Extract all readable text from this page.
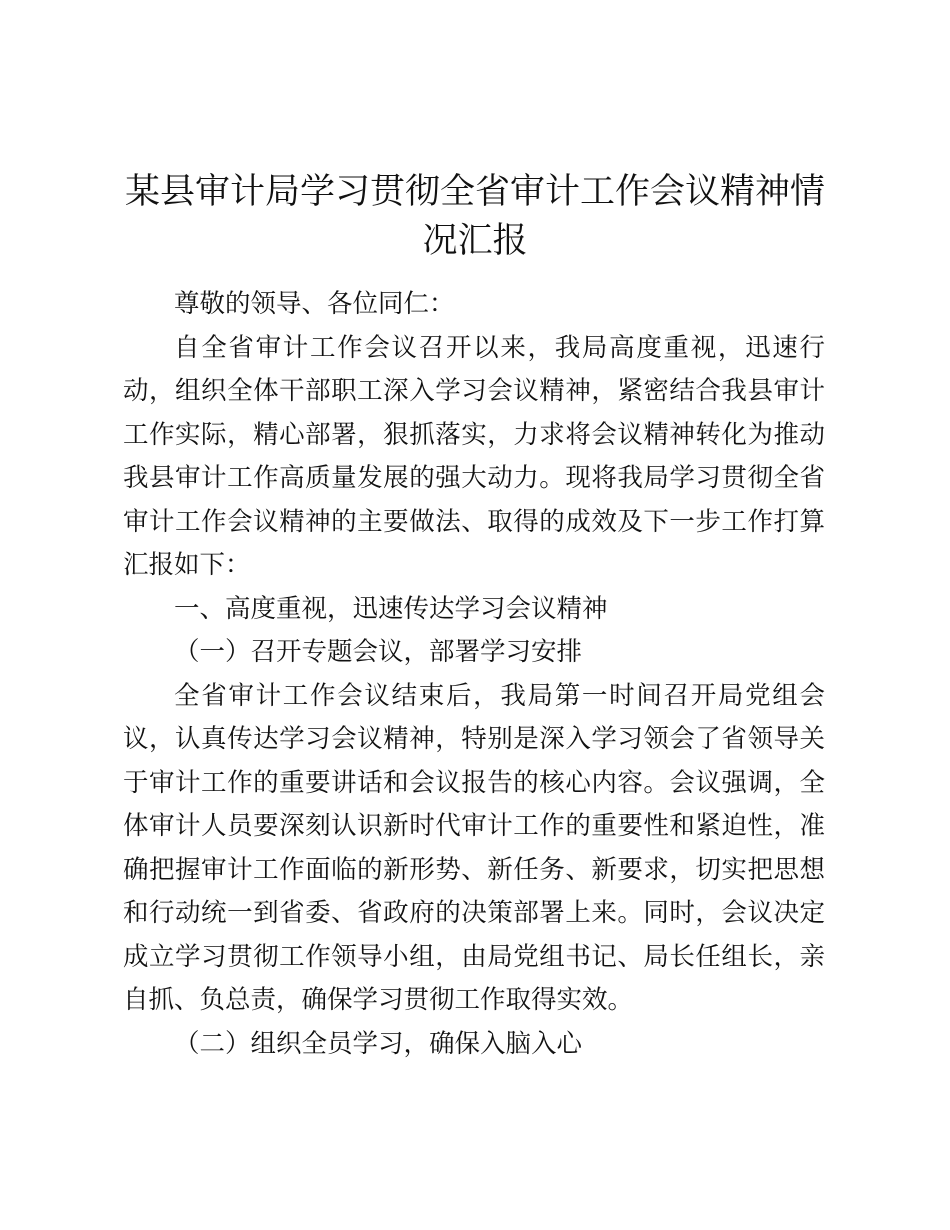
某县审计局学习贯彻全省审计工作会议精神情况汇报

尊敬的领导、各位同仁：

自全省审计工作会议召开以来，我局高度重视，迅速行动，组织全体干部职工深入学习会议精神，紧密结合我县审计工作实际，精心部署，狠抓落实，力求将会议精神转化为推动我县审计工作高质量发展的强大动力。现将我局学习贯彻全省审计工作会议精神的主要做法、取得的成效及下一步工作打算汇报如下：

一、高度重视，迅速传达学习会议精神

（一）召开专题会议，部署学习安排

全省审计工作会议结束后，我局第一时间召开局党组会议，认真传达学习会议精神，特别是深入学习领会了省领导关于审计工作的重要讲话和会议报告的核心内容。会议强调，全体审计人员要深刻认识新时代审计工作的重要性和紧迫性，准确把握审计工作面临的新形势、新任务、新要求，切实把思想和行动统一到省委、省政府的决策部署上来。同时，会议决定成立学习贯彻工作领导小组，由局党组书记、局长任组长，亲自抓、负总责，确保学习贯彻工作取得实效。

（二）组织全员学习，确保入脑入心
